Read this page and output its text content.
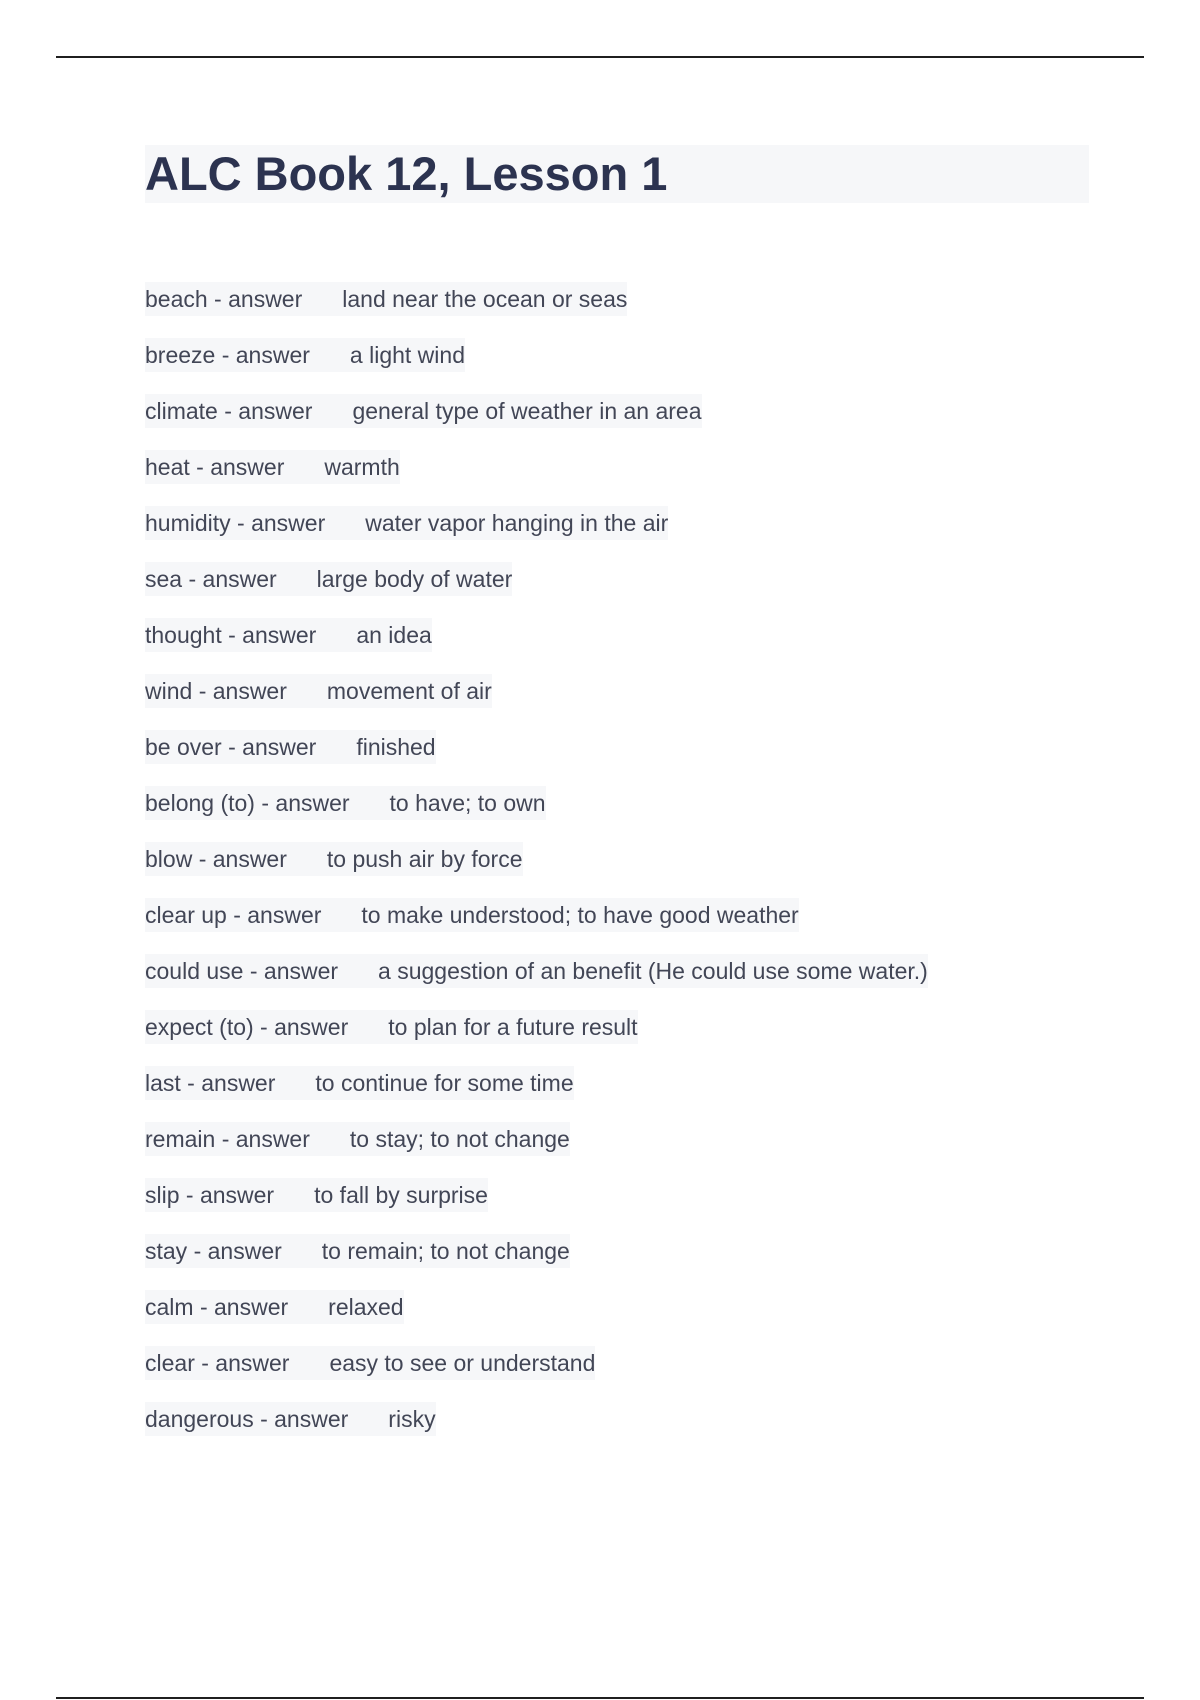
ALC Book 12, Lesson 1
beach - answer	land near the ocean or seas
breeze - answer	a light wind
climate - answer	general type of weather in an area
heat - answer	warmth
humidity - answer	water vapor hanging in the air
sea - answer	large body of water
thought - answer	an idea
wind - answer	movement of air
be over - answer	finished
belong (to) - answer	to have; to own
blow - answer	to push air by force
clear up - answer	to make understood; to have good weather
could use - answer	a suggestion of an benefit (He could use some water.)
expect (to) - answer	to plan for a future result
last - answer	to continue for some time
remain - answer	to stay; to not change
slip - answer	to fall by surprise
stay - answer	to remain; to not change
calm - answer	relaxed
clear - answer	easy to see or understand
dangerous - answer	risky
